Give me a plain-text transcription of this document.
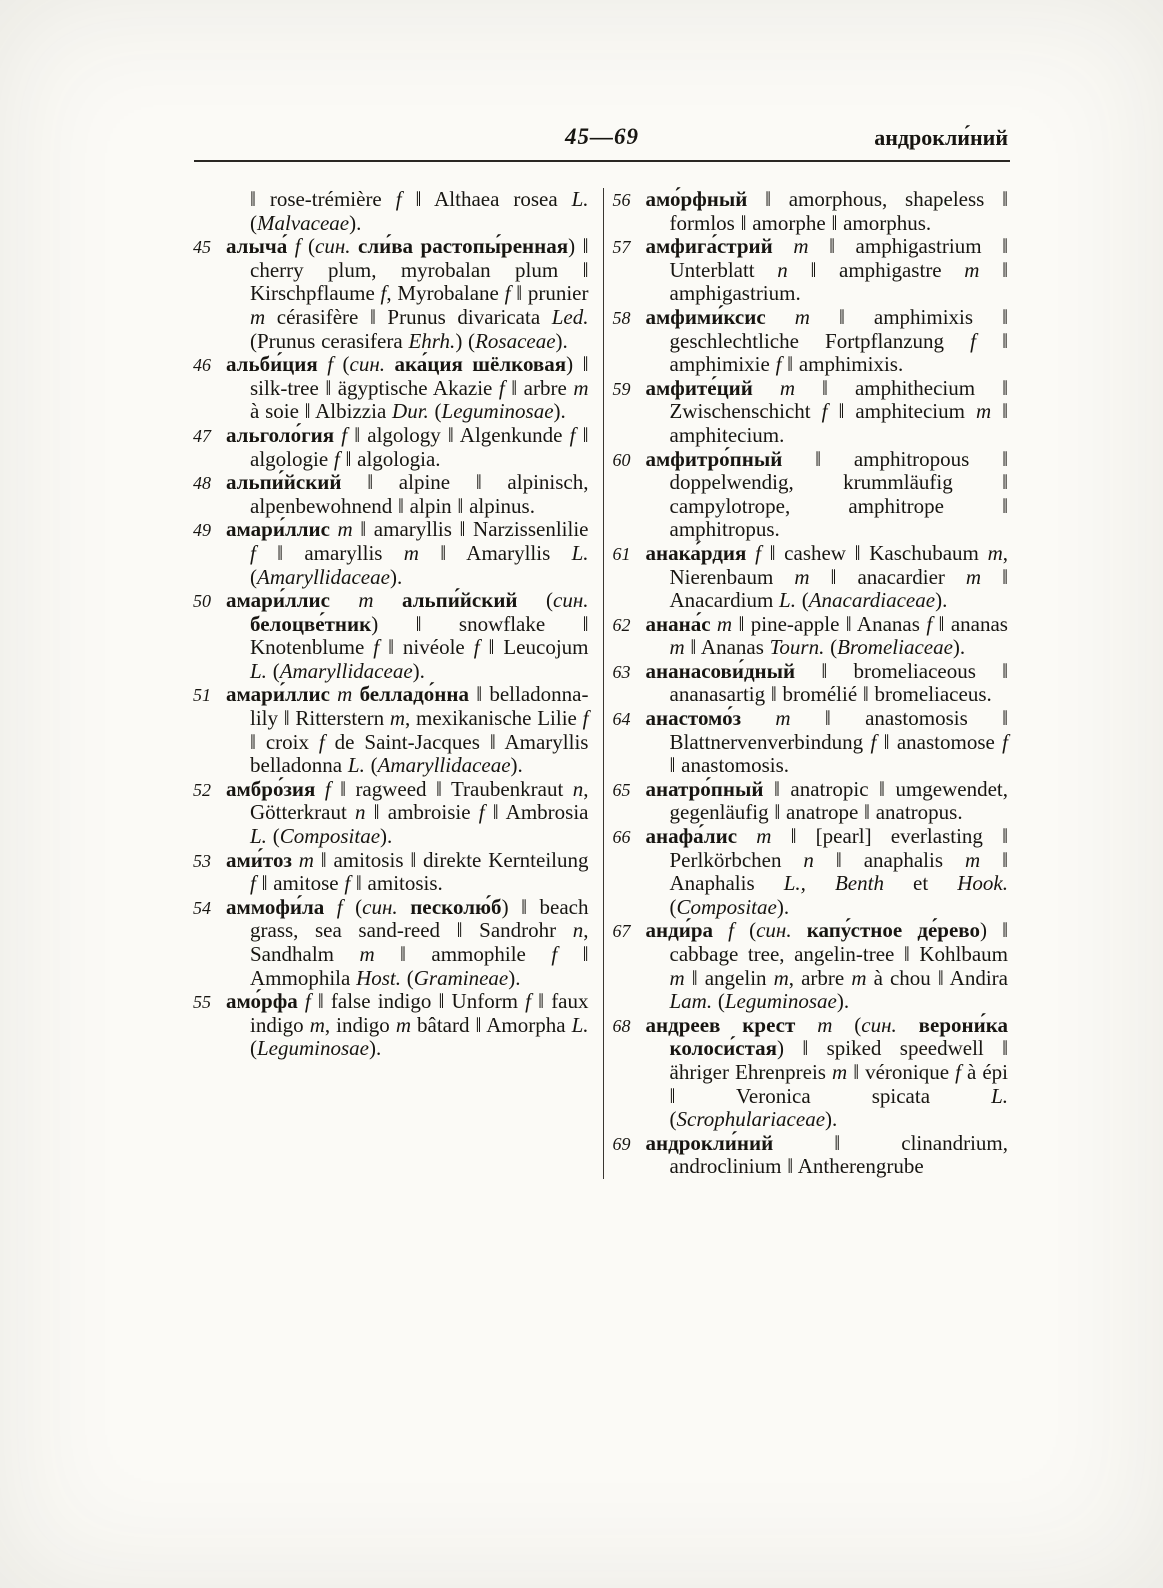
45—69	андрокли́ний

‖ rose-trémière f ‖ Althaea rosea L. (Malvaceae).

45 алыча́ f (син. сли́ва растопы́ренная) ‖ cherry plum, myrobalan plum ‖ Kirschpflaume f, Myrobalane f ‖ prunier m cérasifère ‖ Prunus divaricata Led. (Prunus cerasifera Ehrh.) (Rosaceae).

46 альби́ция f (син. ака́ция шёлковая) ‖ silk-tree ‖ ägyptische Akazie f ‖ arbre m à soie ‖ Albizzia Dur. (Leguminosae).

47 альголо́гия f ‖ algology ‖ Algenkunde f ‖ algologie f ‖ algologia.

48 альпи́йский ‖ alpine ‖ alpinisch, alpenbewohnend ‖ alpin ‖ alpinus.

49 амари́ллис m ‖ amaryllis ‖ Narzissenlilie f ‖ amaryllis m ‖ Amaryllis L. (Amaryllidaceae).

50 амари́ллис m альпи́йский (син. белоцве́тник) ‖ snowflake ‖ Knotenblume f ‖ nivéole f ‖ Leucojum L. (Amaryllidaceae).

51 амари́ллис m белладо́нна ‖ belladonna-lily ‖ Ritterstern m, mexikanische Lilie f ‖ croix f de Saint-Jacques ‖ Amaryllis belladonna L. (Amaryllidaceae).

52 амбро́зия f ‖ ragweed ‖ Traubenkraut n, Götterkraut n ‖ ambroisie f ‖ Ambrosia L. (Compositae).

53 ами́тоз m ‖ amitosis ‖ direkte Kernteilung f ‖ amitose f ‖ amitosis.

54 аммофи́ла f (син. песколю́б) ‖ beach grass, sea sand-reed ‖ Sandrohr n, Sandhalm m ‖ ammophile f ‖ Ammophila Host. (Gramineae).

55 амо́рфа f ‖ false indigo ‖ Unform f ‖ faux indigo m, indigo m bâtard ‖ Amorpha L. (Leguminosae).

56 амо́рфный ‖ amorphous, shapeless ‖ formlos ‖ amorphe ‖ amorphus.

57 амфига́стрий m ‖ amphigastrium ‖ Unterblatt n ‖ amphigastre m ‖ amphigastrium.

58 амфими́ксис m ‖ amphimixis ‖ geschlechtliche Fortpflanzung f ‖ amphimixie f ‖ amphimixis.

59 амфите́ций m ‖ amphithecium ‖ Zwischenschicht f ‖ amphitecium m ‖ amphitecium.

60 амфитро́пный ‖ amphitropous ‖ doppelwendig, krummläufig ‖ campylotrope, amphitrope ‖ amphitropus.

61 анака́рдия f ‖ cashew ‖ Kaschubaum m, Nierenbaum m ‖ anacardier m ‖ Anacardium L. (Anacardiaceae).

62 анана́с m ‖ pine-apple ‖ Ananas f ‖ ananas m ‖ Ananas Tourn. (Bromeliaceae).

63 ананасови́дный ‖ bromeliaceous ‖ ananasartig ‖ bromélié ‖ bromeliaceus.

64 анастомо́з m ‖ anastomosis ‖ Blattnervenverbindung f ‖ anastomose f ‖ anastomosis.

65 анатро́пный ‖ anatropic ‖ umgewendet, gegenläufig ‖ anatrope ‖ anatropus.

66 анафа́лис m ‖ [pearl] everlasting ‖ Perlkörbchen n ‖ anaphalis m ‖ Anaphalis L., Benth et Hook. (Compositae).

67 анди́ра f (син. капу́стное де́рево) ‖ cabbage tree, angelin-tree ‖ Kohlbaum m ‖ angelin m, arbre m à chou ‖ Andira Lam. (Leguminosae).

68 андреев крест m (син. верони́ка колоси́стая) ‖ spiked speedwell ‖ ähriger Ehrenpreis m ‖ véronique f à épi ‖ Veronica spicata L. (Scrophulariaceae).

69 андрокли́ний ‖ clinandrium, androclinium ‖ Antherengrube
